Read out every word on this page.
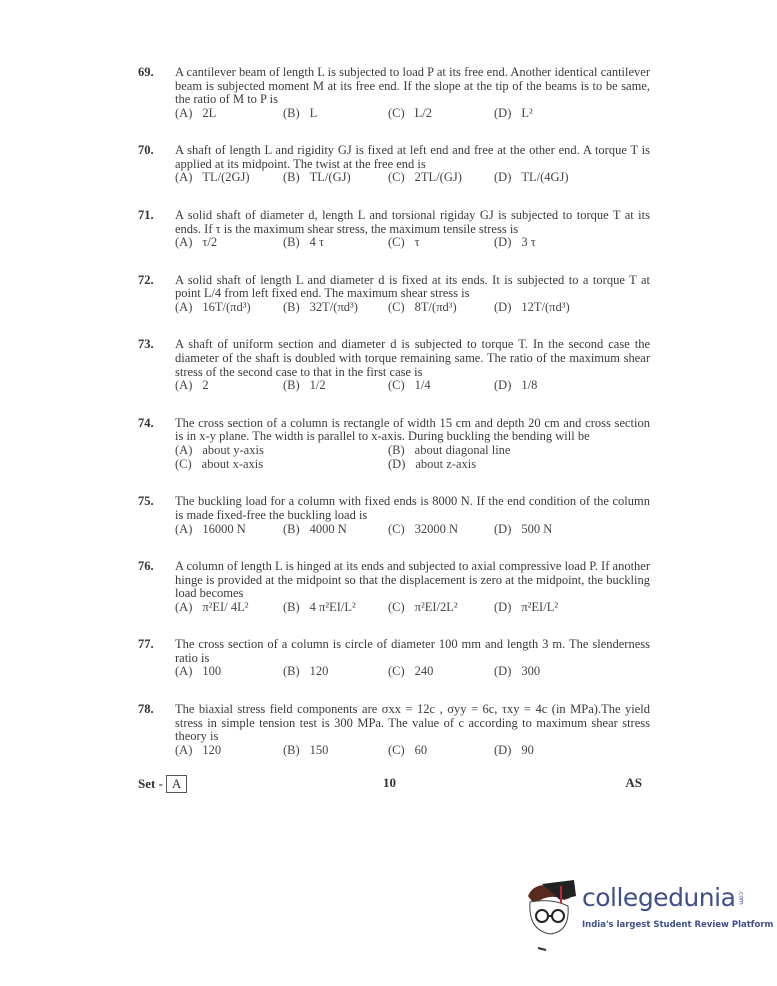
69. A cantilever beam of length L is subjected to load P at its free end. Another identical cantilever beam is subjected moment M at its free end. If the slope at the tip of the beams is to be same, the ratio of M to P is
(A) 2L	(B) L	(C) L/2	(D) L²
70. A shaft of length L and rigidity GJ is fixed at left end and free at the other end. A torque T is applied at its midpoint. The twist at the free end is
(A) TL/(2GJ)	(B) TL/(GJ)	(C) 2TL/(GJ)	(D) TL/(4GJ)
71. A solid shaft of diameter d, length L and torsional rigiday GJ is subjected to torque T at its ends. If τ is the maximum shear stress, the maximum tensile stress is
(A) τ/2	(B) 4 τ	(C) τ	(D) 3 τ
72. A solid shaft of length L and diameter d is fixed at its ends. It is subjected to a torque T at point L/4 from left fixed end. The maximum shear stress is
(A) 16T/(πd³)	(B) 32T/(πd³) (C) 8T/(πd³)	(D) 12T/(πd³)
73. A shaft of uniform section and diameter d is subjected to torque T. In the second case the diameter of the shaft is doubled with torque remaining same. The ratio of the maximum shear stress of the second case to that in the first case is
(A) 2	(B) 1/2	(C) 1/4	(D) 1/8
74. The cross section of a column is rectangle of width 15 cm and depth 20 cm and cross section is in x-y plane. The width is parallel to x-axis. During buckling the bending will be
(A) about y-axis	(B) about diagonal line
(C) about x-axis	(D) about z-axis
75. The buckling load for a column with fixed ends is 8000 N. If the end condition of the column is made fixed-free the buckling load is
(A) 16000 N	(B) 4000 N	(C) 32000 N	(D) 500 N
76. A column of length L is hinged at its ends and subjected to axial compressive load P. If another hinge is provided at the midpoint so that the displacement is zero at the midpoint, the buckling load becomes
(A) π²EI/ 4L²	(B) 4 π²EI/L²	(C) π²EI/2L²	(D) π²EI/L²
77. The cross section of a column is circle of diameter 100 mm and length 3 m. The slenderness ratio is
(A) 100	(B) 120	(C) 240	(D) 300
78. The biaxial stress field components are σxx = 12c , σyy = 6c, τxy = 4c (in MPa).The yield stress in simple tension test is 300 MPa. The value of c according to maximum shear stress theory is
(A) 120	(B) 150	(C) 60	(D) 90
Set - A	10	AS
collegedunia .com
India's largest Student Review Platform
